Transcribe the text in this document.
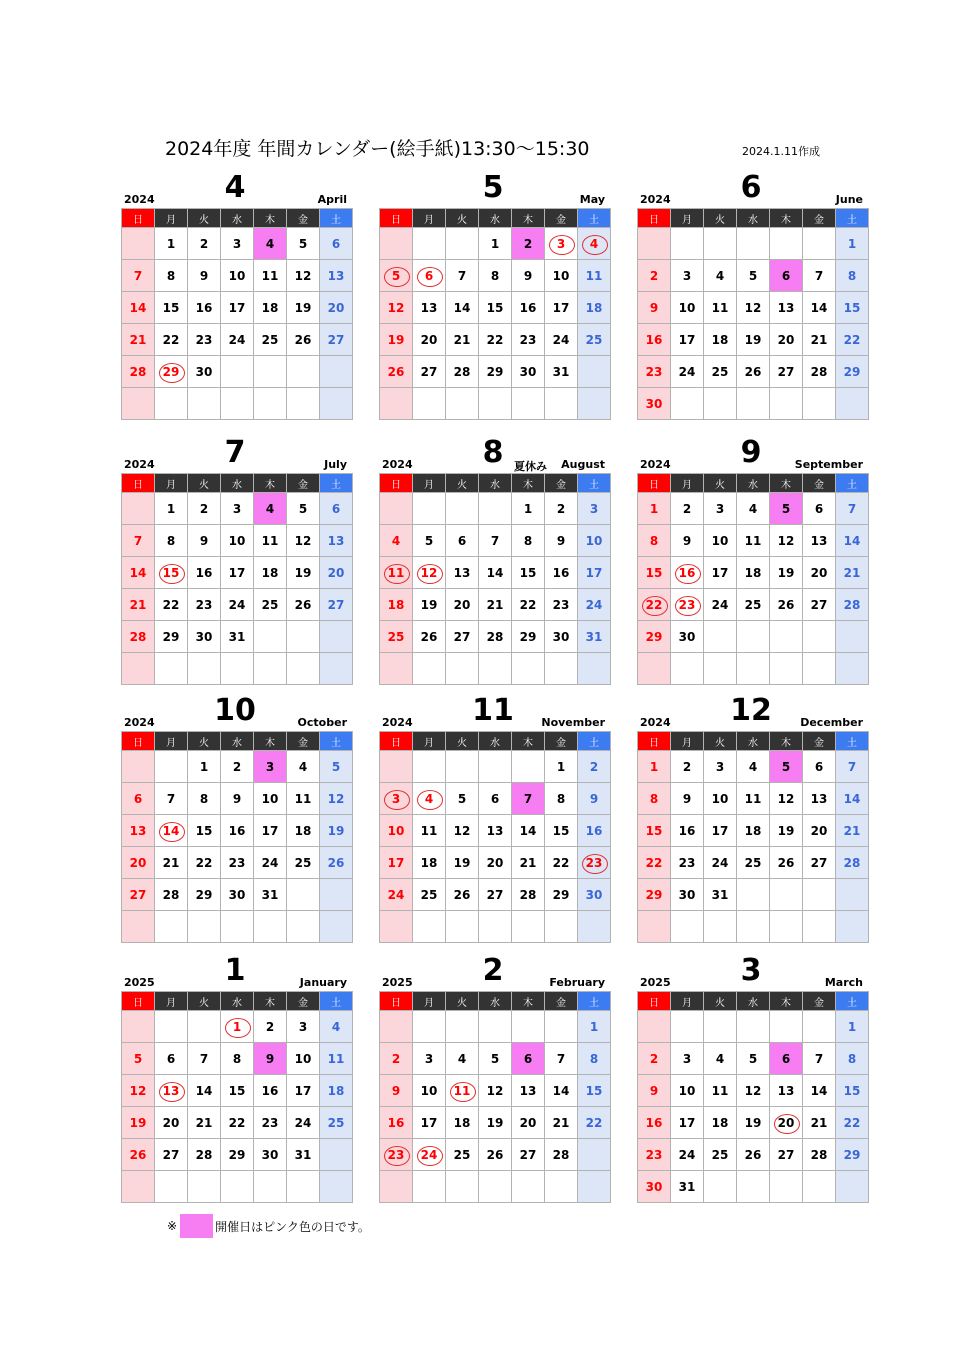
2024年度 年間カレンダー(絵手紙)13:30～15:30	2024.1.11作成
2024	4	April
日	月	火	水	木	金	土
	1	2	3	4	5	6
7	8	9	10	11	12	13
14	15	16	17	18	19	20
21	22	23	24	25	26	27
28	29	30				

5	May
日	月	火	水	木	金	土
			1	2	3	4
5	6	7	8	9	10	11
12	13	14	15	16	17	18
19	20	21	22	23	24	25
26	27	28	29	30	31	

2024	6	June
日	月	火	水	木	金	土
						1
2	3	4	5	6	7	8
9	10	11	12	13	14	15
16	17	18	19	20	21	22
23	24	25	26	27	28	29
30						
2024	7	July
日	月	火	水	木	金	土
	1	2	3	4	5	6
7	8	9	10	11	12	13
14	15	16	17	18	19	20
21	22	23	24	25	26	27
28	29	30	31			

2024	8	August
夏休み
日	月	火	水	木	金	土
				1	2	3
4	5	6	7	8	9	10
11	12	13	14	15	16	17
18	19	20	21	22	23	24
25	26	27	28	29	30	31

2024	9	September
日	月	火	水	木	金	土
1	2	3	4	5	6	7
8	9	10	11	12	13	14
15	16	17	18	19	20	21
22	23	24	25	26	27	28
29	30					

2024	10	October
日	月	火	水	木	金	土
		1	2	3	4	5
6	7	8	9	10	11	12
13	14	15	16	17	18	19
20	21	22	23	24	25	26
27	28	29	30	31		

2024	11	November
日	月	火	水	木	金	土
					1	2
3	4	5	6	7	8	9
10	11	12	13	14	15	16
17	18	19	20	21	22	23
24	25	26	27	28	29	30

2024	12	December
日	月	火	水	木	金	土
1	2	3	4	5	6	7
8	9	10	11	12	13	14
15	16	17	18	19	20	21
22	23	24	25	26	27	28
29	30	31				

2025	1	January
日	月	火	水	木	金	土
			1	2	3	4
5	6	7	8	9	10	11
12	13	14	15	16	17	18
19	20	21	22	23	24	25
26	27	28	29	30	31	

2025	2	February
日	月	火	水	木	金	土
						1
2	3	4	5	6	7	8
9	10	11	12	13	14	15
16	17	18	19	20	21	22
23	24	25	26	27	28	

2025	3	March
日	月	火	水	木	金	土
						1
2	3	4	5	6	7	8
9	10	11	12	13	14	15
16	17	18	19	20	21	22
23	24	25	26	27	28	29
30	31					
※	開催日はピンク色の日です。
